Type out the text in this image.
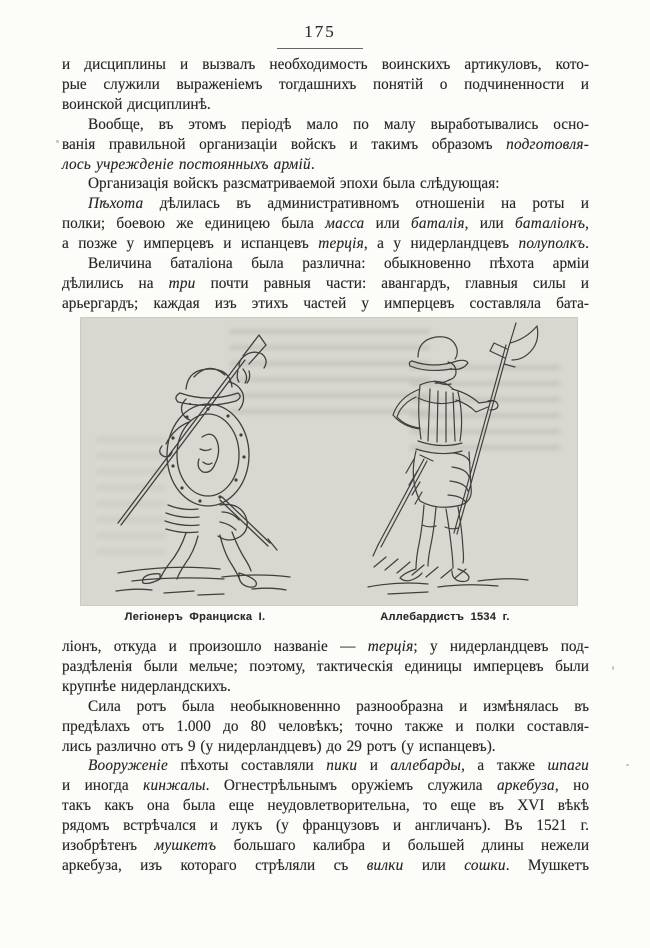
175
и дисциплины и вызвалъ необходимость воинскихъ артикуловъ, кото-
рые служили выраженіемъ тогдашнихъ понятій о подчиненности и
воинской дисциплинѣ.
Вообще, въ этомъ періодѣ мало по малу выработывались осно-
ванія правильной организаціи войскъ и такимъ образомъ подготовля-
лось учрежденіе постоянныхъ армій.
Организація войскъ разсматриваемой эпохи была слѣдующая:
Пѣхота дѣлилась въ административномъ отношеніи на роты и
полки; боевою же единицею была масса или баталія, или баталіонъ,
а позже у имперцевъ и испанцевъ терція, а у нидерландцевъ полуполкъ.
Величина баталіона была различна: обыкновенно пѣхота арміи
дѣлились на три почти равныя части: авангардъ, главныя силы и
арьергардъ; каждая изъ этихъ частей у имперцевъ составляла бата-
Легіонеръ Франциска I.	Аллебардистъ 1534 г.
ліонъ, откуда и произошло названіе — терція; у нидерландцевъ под-
раздѣленія были мельче; поэтому, тактическія единицы имперцевъ были
крупнѣе нидерландскихъ.
Сила ротъ была необыкновеннно разнообразна и измѣнялась въ
предѣлахъ отъ 1.000 до 80 человѣкъ; точно также и полки составля-
лись различно отъ 9 (у нидерландцевъ) до 29 ротъ (у испанцевъ).
Вооруженіе пѣхоты составляли пики и аллебарды, а также шпаги
и иногда кинжалы. Огнестрѣльнымъ оружіемъ служила аркебуза, но
такъ какъ она была еще неудовлетворительна, то еще въ XVI вѣкѣ
рядомъ встрѣчался и лукъ (у французовъ и англичанъ). Въ 1521 г.
изобрѣтенъ мушкетъ большаго калибра и большей длины нежели
аркебуза, изъ котораго стрѣляли съ вилки или сошки. Мушкетъ
